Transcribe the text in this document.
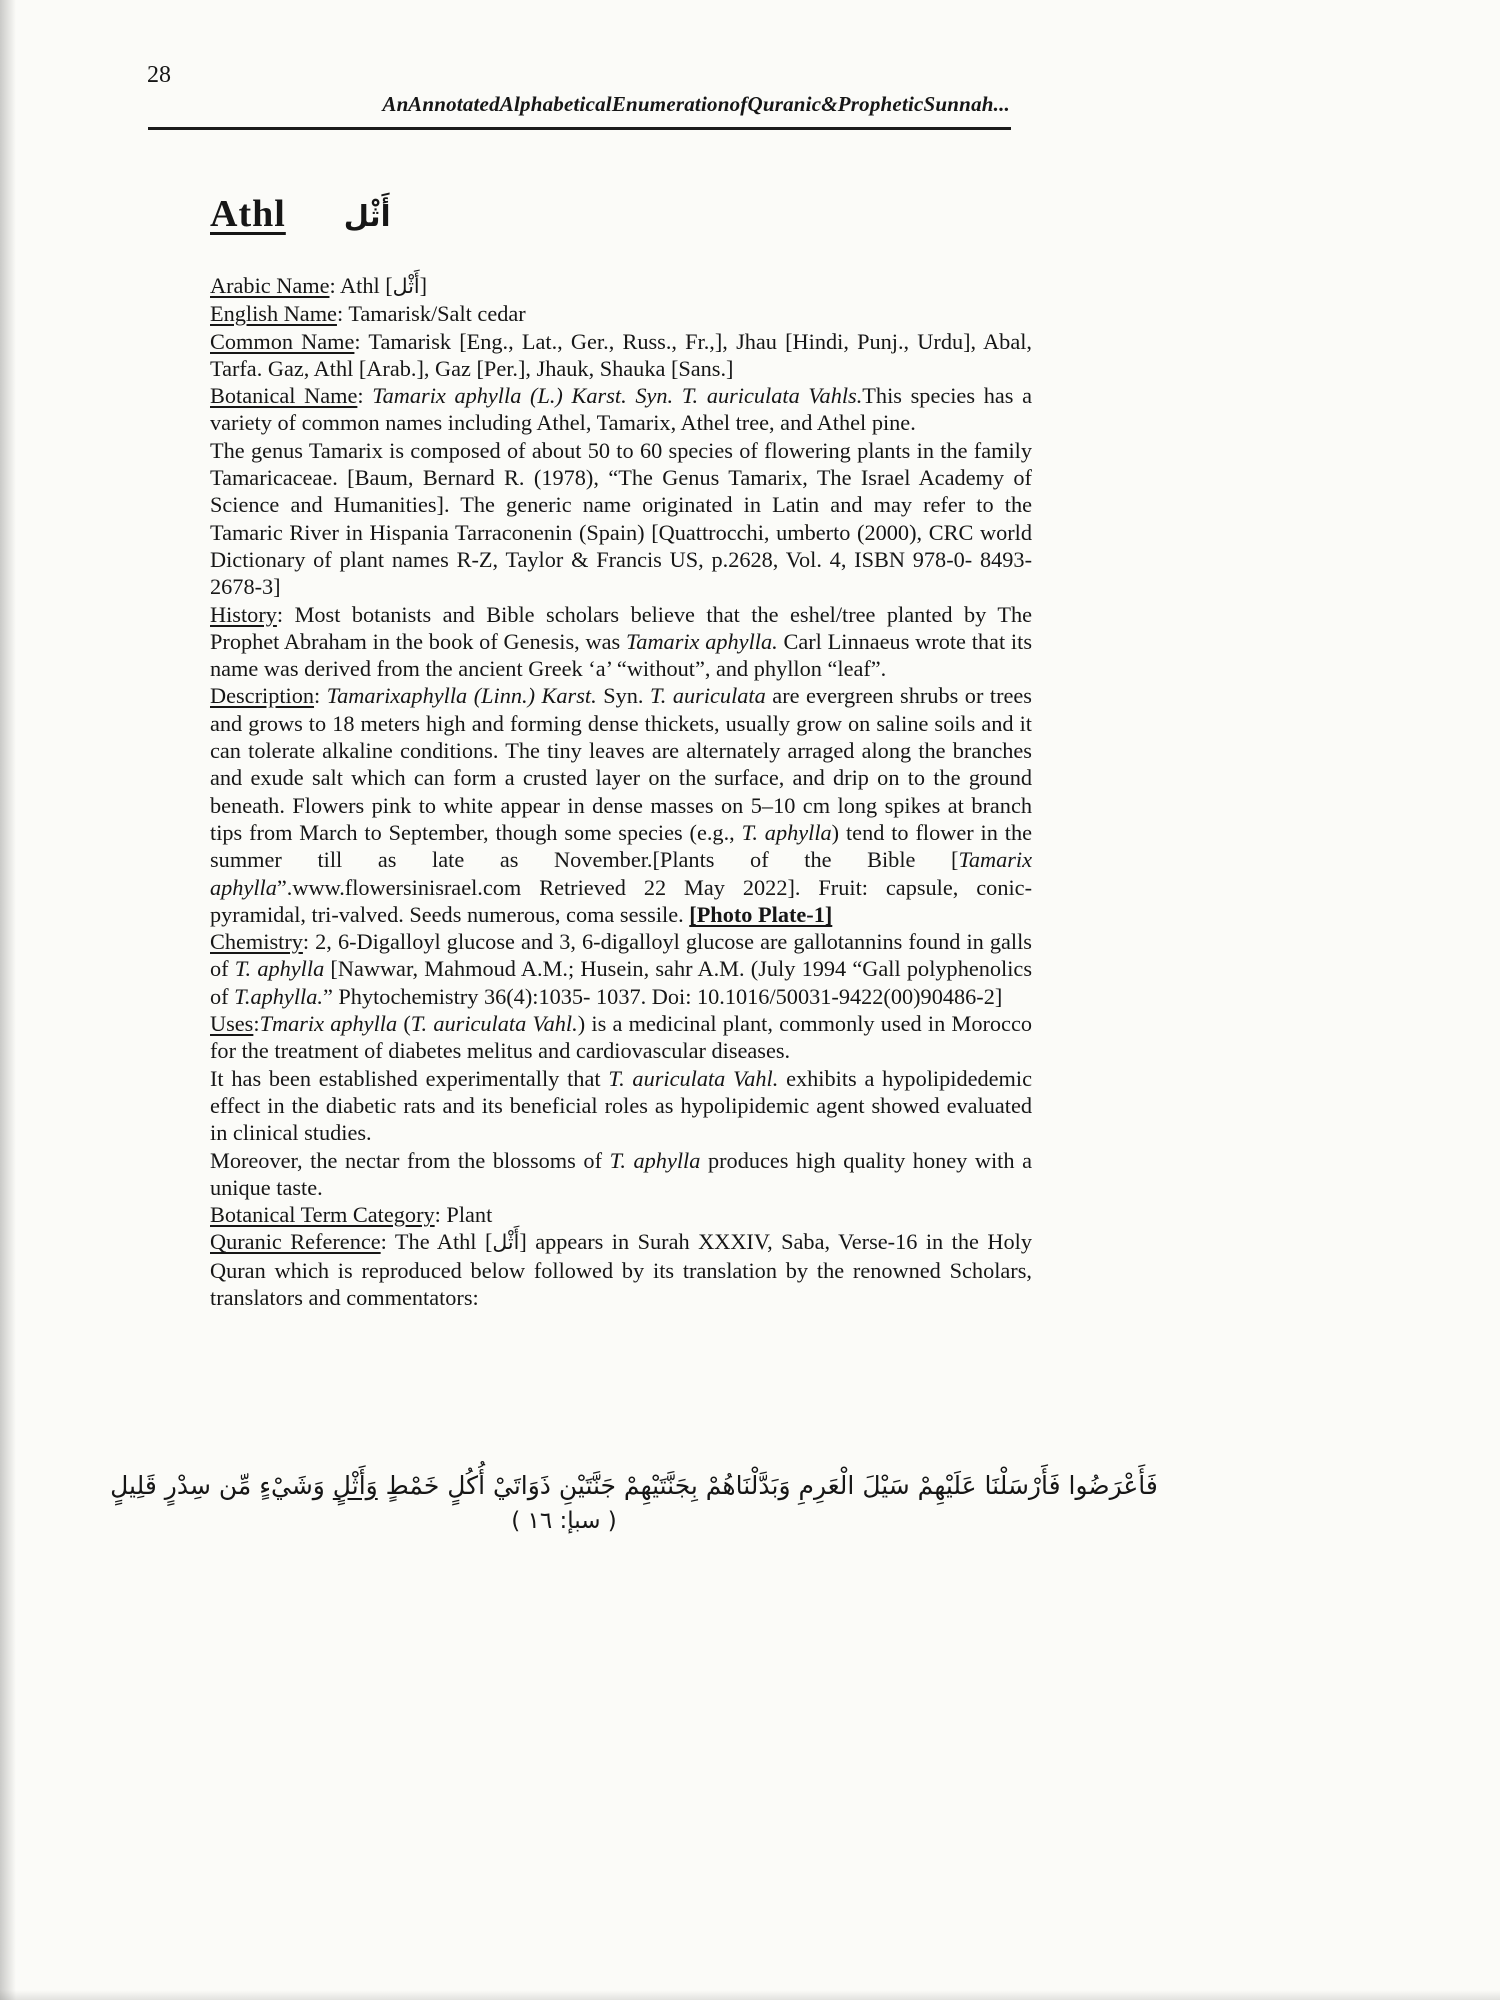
28
An AnnotatedAlphabeticalEnumerationofQuranic&PropheticSunnah...
Athl أَثْل

Arabic Name: Athl [أَثْل]

English Name: Tamarisk/Salt cedar

Common Name: Tamarisk [Eng., Lat., Ger., Russ., Fr.,], Jhau [Hindi, Punj., Urdu], Abal, Tarfa. Gaz, Athl [Arab.], Gaz [Per.], Jhauk, Shauka [Sans.]

Botanical Name: Tamarix aphylla (L.) Karst. Syn. T. auriculata Vahls.This species has a variety of common names including Athel, Tamarix, Athel tree, and Athel pine.

The genus Tamarix is composed of about 50 to 60 species of flowering plants in the family Tamaricaceae. [Baum, Bernard R. (1978), “The Genus Tamarix, The Israel Academy of Science and Humanities]. The generic name originated in Latin and may refer to the Tamaric River in Hispania Tarraconenin (Spain) [Quattrocchi, umberto (2000), CRC world Dictionary of plant names R-Z, Taylor & Francis US, p.2628, Vol. 4, ISBN 978-0- 8493-2678-3]

History: Most botanists and Bible scholars believe that the eshel/tree planted by The Prophet Abraham in the book of Genesis, was Tamarix aphylla. Carl Linnaeus wrote that its name was derived from the ancient Greek ‘a’ “without”, and phyllon “leaf”.

Description: Tamarixaphylla (Linn.) Karst. Syn. T. auriculata are evergreen shrubs or trees and grows to 18 meters high and forming dense thickets, usually grow on saline soils and it can tolerate alkaline conditions. The tiny leaves are alternately arraged along the branches and exude salt which can form a crusted layer on the surface, and drip on to the ground beneath. Flowers pink to white appear in dense masses on 5–10 cm long spikes at branch tips from March to September, though some species (e.g., T. aphylla) tend to flower in the summer till as late as November.[Plants of the Bible [Tamarix aphylla”.www.flowersinisrael.com Retrieved 22 May 2022]. Fruit: capsule, conic-pyramidal, tri-valved. Seeds numerous, coma sessile. [Photo Plate-1]

Chemistry: 2, 6-Digalloyl glucose and 3, 6-digalloyl glucose are gallotannins found in galls of T. aphylla [Nawwar, Mahmoud A.M.; Husein, sahr A.M. (July 1994 “Gall polyphenolics of T.aphylla.” Phytochemistry 36(4):1035- 1037. Doi: 10.1016/50031-9422(00)90486-2]

Uses:Tmarix aphylla (T. auriculata Vahl.) is a medicinal plant, commonly used in Morocco for the treatment of diabetes melitus and cardiovascular diseases.

It has been established experimentally that T. auriculata Vahl. exhibits a hypolipidedemic effect in the diabetic rats and its beneficial roles as hypolipidemic agent showed evaluated in clinical studies.

Moreover, the nectar from the blossoms of T. aphylla produces high quality honey with a unique taste.

Botanical Term Category: Plant

Quranic Reference: The Athl [أَثْل] appears in Surah XXXIV, Saba, Verse-16 in the Holy Quran which is reproduced below followed by its translation by the renowned Scholars, translators and commentators:

فَأَعْرَضُوا فَأَرْسَلْنَا عَلَيْهِمْ سَيْلَ الْعَرِمِ وَبَدَّلْنَاهُمْ بِجَنَّتَيْهِمْ جَنَّتَيْنِ ذَوَاتَيْ أُكُلٍ خَمْطٍ وَأَثْلٍ وَشَيْءٍ مِّن سِدْرٍ قَلِيلٍ
( سبإ: ١٦ )
